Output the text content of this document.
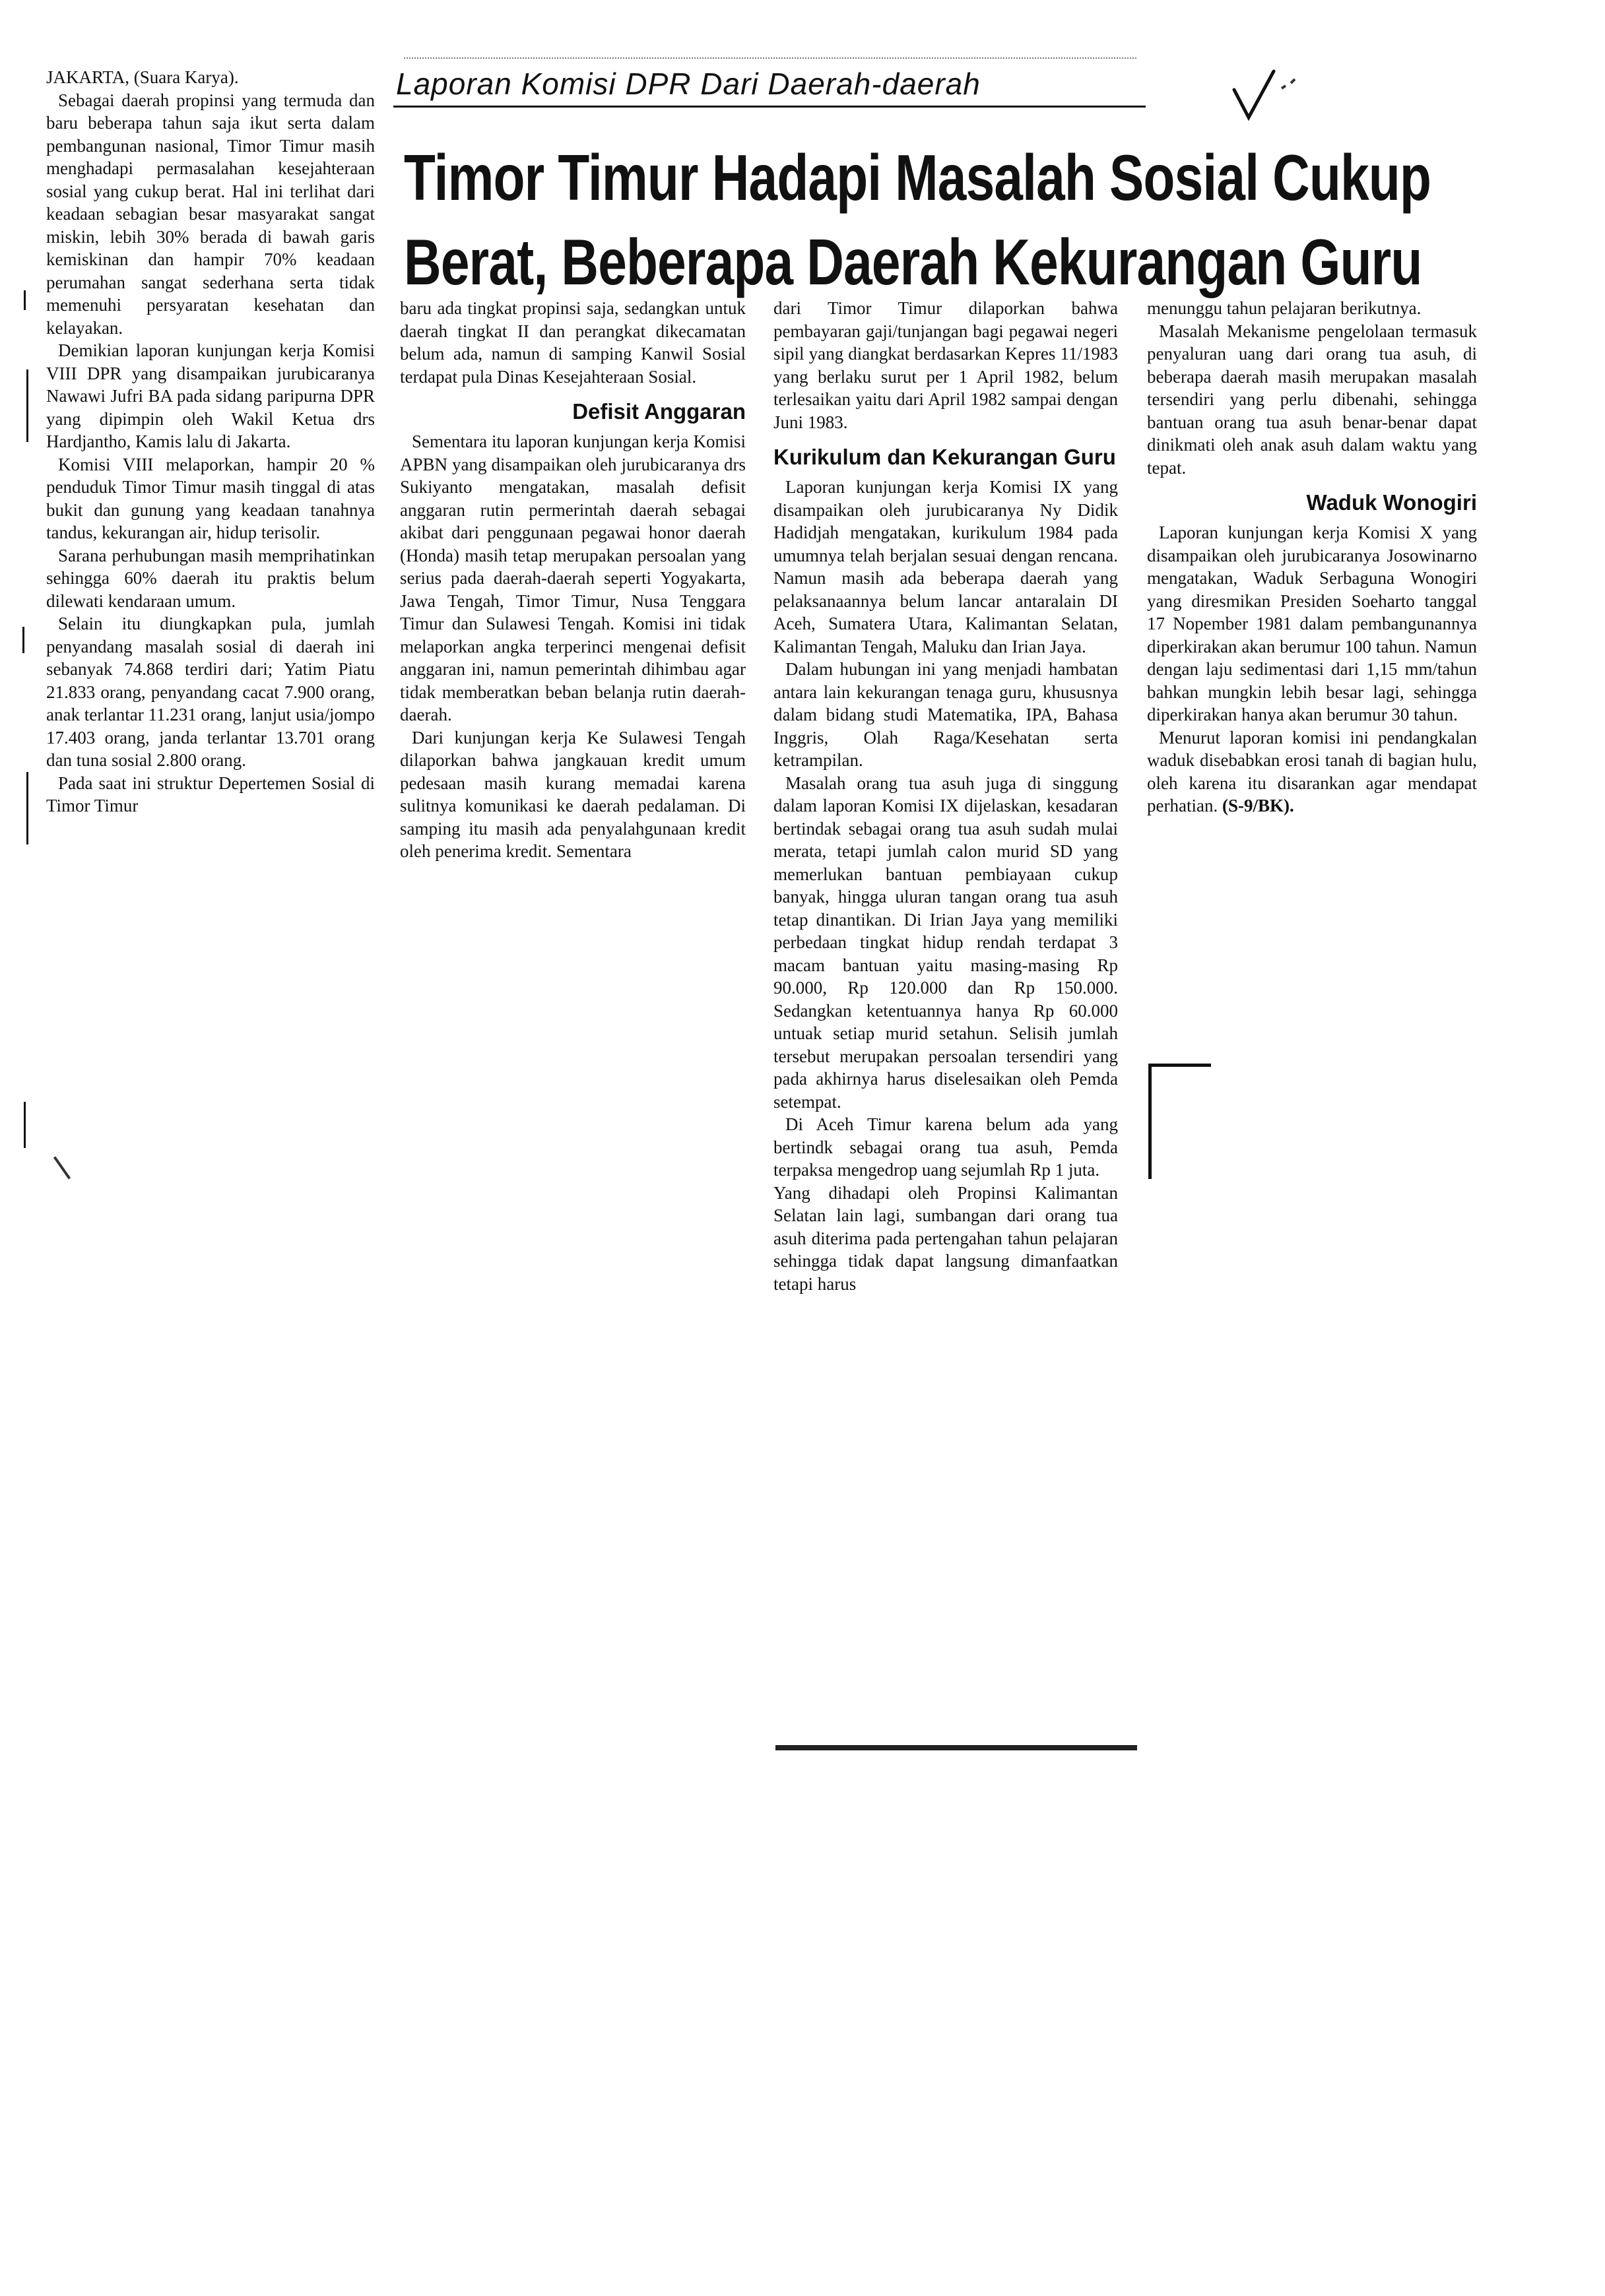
Laporan Komisi DPR Dari Daerah-daerah
Timor Timur Hadapi Masalah Sosial Cukup
Berat, Beberapa Daerah Kekurangan Guru

JAKARTA, (Suara Karya).

Sebagai daerah propinsi yang termuda dan baru beberapa tahun saja ikut serta dalam pembangunan nasional, Timor Timur masih menghadapi permasalahan kesejahteraan sosial yang cukup berat. Hal ini terlihat dari keadaan sebagian besar masyarakat sangat miskin, lebih 30% berada di bawah garis kemiskinan dan hampir 70% keadaan perumahan sangat sederhana serta tidak memenuhi persyaratan kesehatan dan kelayakan.

Demikian laporan kunjungan kerja Komisi VIII DPR yang disampaikan jurubicaranya Nawawi Jufri BA pada sidang paripurna DPR yang dipimpin oleh Wakil Ketua drs Hardjantho, Kamis lalu di Jakarta.

Komisi VIII melaporkan, hampir 20 % penduduk Timor Timur masih tinggal di atas bukit dan gunung yang keadaan tanahnya tandus, kekurangan air, hidup terisolir.

Sarana perhubungan masih memprihatinkan sehingga 60% daerah itu praktis belum dilewati kendaraan umum.

Selain itu diungkapkan pula, jumlah penyandang masalah sosial di daerah ini sebanyak 74.868 terdiri dari; Yatim Piatu 21.833 orang, penyandang cacat 7.900 orang, anak terlantar 11.231 orang, lanjut usia/jompo 17.403 orang, janda terlantar 13.701 orang dan tuna sosial 2.800 orang.

Pada saat ini struktur Depertemen Sosial di Timor Timur

baru ada tingkat propinsi saja, sedangkan untuk daerah tingkat II dan perangkat dikecamatan belum ada, namun di samping Kanwil Sosial terdapat pula Dinas Kesejahteraan Sosial.

Defisit Anggaran

Sementara itu laporan kunjungan kerja Komisi APBN yang disampaikan oleh jurubicaranya drs Sukiyanto mengatakan, masalah defisit anggaran rutin permerintah daerah sebagai akibat dari penggunaan pegawai honor daerah (Honda) masih tetap merupakan persoalan yang serius pada daerah-daerah seperti Yogyakarta, Jawa Tengah, Timor Timur, Nusa Tenggara Timur dan Sulawesi Tengah. Komisi ini tidak melaporkan angka terperinci mengenai defisit anggaran ini, namun pemerintah dihimbau agar tidak memberatkan beban belanja rutin daerah-daerah.

Dari kunjungan kerja Ke Sulawesi Tengah dilaporkan bahwa jangkauan kredit umum pedesaan masih kurang memadai karena sulitnya komunikasi ke daerah pedalaman. Di samping itu masih ada penyalahgunaan kredit oleh penerima kredit. Sementara

dari Timor Timur dilaporkan bahwa pembayaran gaji/tunjangan bagi pegawai negeri sipil yang diangkat berdasarkan Kepres 11/1983 yang berlaku surut per 1 April 1982, belum terlesaikan yaitu dari April 1982 sampai dengan Juni 1983.

Kurikulum dan Kekurangan Guru

Laporan kunjungan kerja Komisi IX yang disampaikan oleh jurubicaranya Ny Didik Hadidjah mengatakan, kurikulum 1984 pada umumnya telah berjalan sesuai dengan rencana. Namun masih ada beberapa daerah yang pelaksanaannya belum lancar antaralain DI Aceh, Sumatera Utara, Kalimantan Selatan, Kalimantan Tengah, Maluku dan Irian Jaya.

Dalam hubungan ini yang menjadi hambatan antara lain kekurangan tenaga guru, khususnya dalam bidang studi Matematika, IPA, Bahasa Inggris, Olah Raga/Kesehatan serta ketrampilan.

Masalah orang tua asuh juga di singgung dalam laporan Komisi IX dijelaskan, kesadaran bertindak sebagai orang tua asuh sudah mulai merata, tetapi jumlah calon murid SD yang memerlukan bantuan pembiayaan cukup banyak, hingga uluran tangan orang tua asuh tetap dinantikan. Di Irian Jaya yang memiliki perbedaan tingkat hidup rendah terdapat 3 macam bantuan yaitu masing-masing Rp 90.000, Rp 120.000 dan Rp 150.000. Sedangkan ketentuannya hanya Rp 60.000 untuak setiap murid setahun. Selisih jumlah tersebut merupakan persoalan tersendiri yang pada akhirnya harus diselesaikan oleh Pemda setempat.

Di Aceh Timur karena belum ada yang bertindk sebagai orang tua asuh, Pemda terpaksa mengedrop uang sejumlah Rp 1 juta.

Yang dihadapi oleh Propinsi Kalimantan Selatan lain lagi, sumbangan dari orang tua asuh diterima pada pertengahan tahun pelajaran sehingga tidak dapat langsung dimanfaatkan tetapi harus

menunggu tahun pelajaran berikutnya.

Masalah Mekanisme pengelolaan termasuk penyaluran uang dari orang tua asuh, di beberapa daerah masih merupakan masalah tersendiri yang perlu dibenahi, sehingga bantuan orang tua asuh benar-benar dapat dinikmati oleh anak asuh dalam waktu yang tepat.

Waduk Wonogiri

Laporan kunjungan kerja Komisi X yang disampaikan oleh jurubicaranya Josowinarno mengatakan, Waduk Serbaguna Wonogiri yang diresmikan Presiden Soeharto tanggal 17 Nopember 1981 dalam pembangunannya diperkirakan akan berumur 100 tahun. Namun dengan laju sedimentasi dari 1,15 mm/tahun bahkan mungkin lebih besar lagi, sehingga diperkirakan hanya akan berumur 30 tahun.

Menurut laporan komisi ini pendangkalan waduk disebabkan erosi tanah di bagian hulu, oleh karena itu disarankan agar mendapat perhatian. (S-9/BK).
